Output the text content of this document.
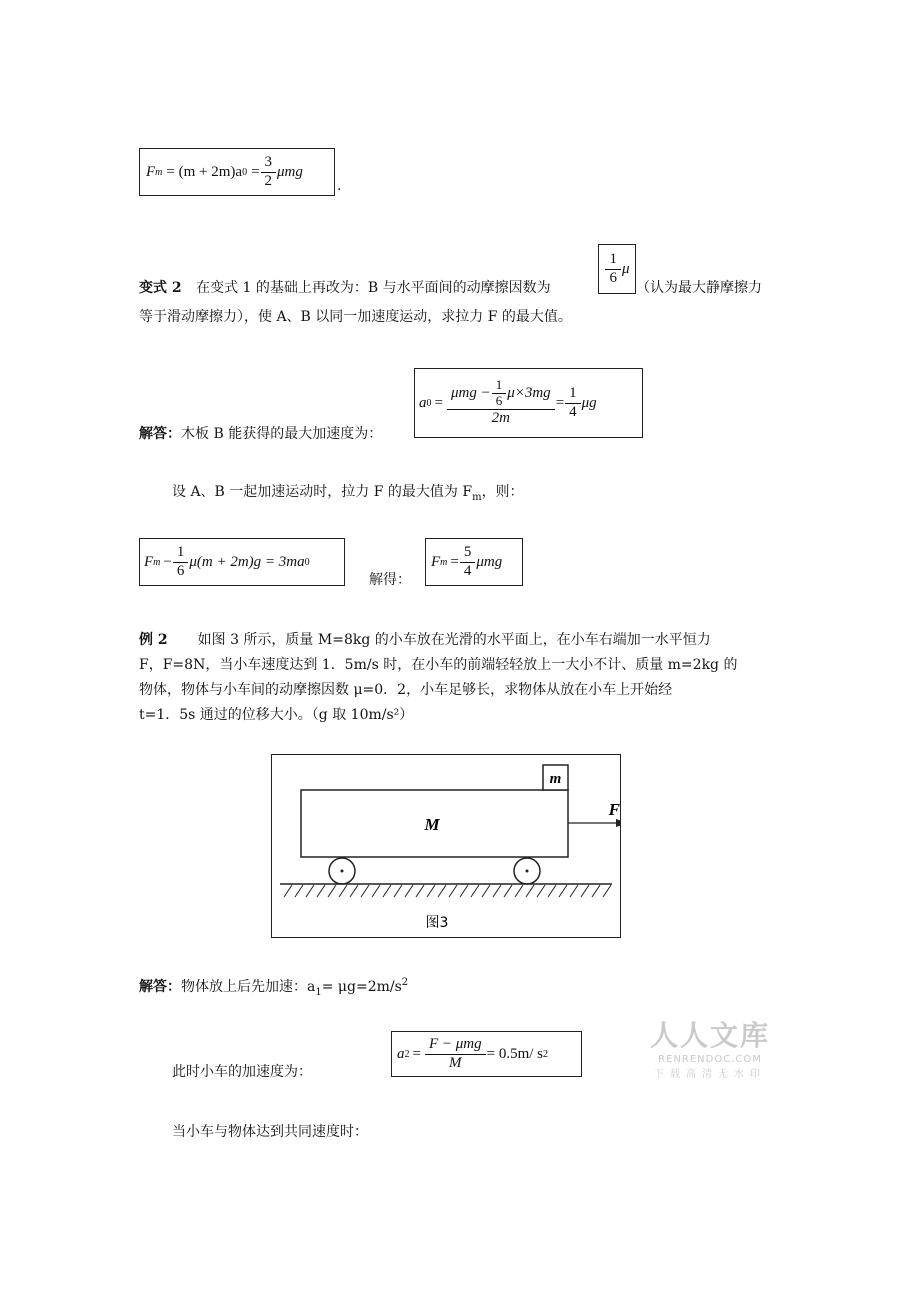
F m = (m + 2m)a $0 = \frac{3}{2}$ μmg
.
变式 2 在变式 1 的基础上再改为：B 与水平面间的动摩擦因数为
$\frac{1}{6}$ μ
（认为最大静摩擦力
等于滑动摩擦力），使 A、B 以同一加速度运动，求拉力 F 的最大值。
解答：木板 B 能获得的最大加速度为：
a $0 = \frac{\mu mg - \frac{1}{6} \mu\times 3mg}{2m} = \frac{1}{4}$ μg
设 A、B 一起加速运动时，拉力 F 的最大值为 $F_m$，则：
F $m - \frac{1}{6} \mu(m + 2m)g = 3ma$ 0
解得：
F $m = \frac{5}{4}$ μmg
例 2 如图 3 所示，质量 M=8kg 的小车放在光滑的水平面上，在小车右端加一水平恒力
F，F=8N，当小车速度达到 1．5m/s 时，在小车的前端轻轻放上一大小不计、质量 m=2kg 的
物体，物体与小车间的动摩擦因数 μ=0．2，小车足够长，求物体从放在小车上开始经
t=1．5s 通过的位移大小。（g 取 10m/s²）
m
M
F
图3
解答：物体放上后先加速：$a_1= \mu g=2m/s^2$
此时小车的加速度为：
a $2 = \frac{\text{F − μmg}}{M} = 0.5m/$ s 2
人人文库
RENRENDOC.COM
下载高清无水印
当小车与物体达到共同速度时：
